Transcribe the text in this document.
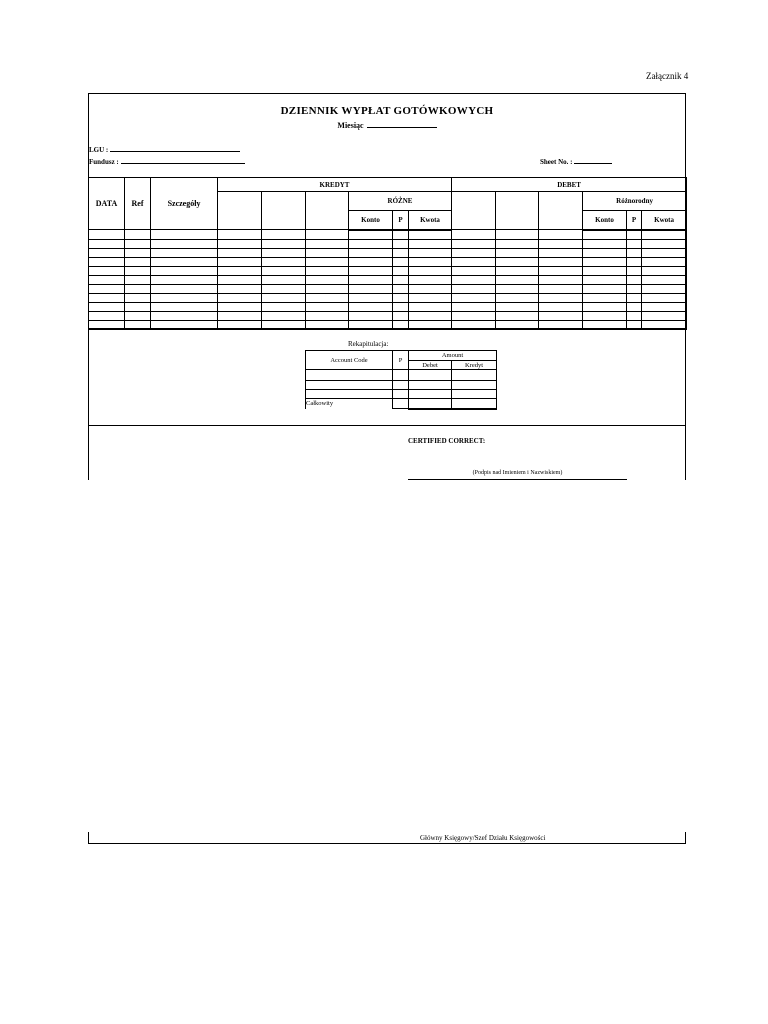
Załącznik 4
DZIENNIK WYPŁAT GOTÓWKOWYCH
Miesiąc
LGU :
Fundusz :	Sheet No. :
DATA	Ref	Szczegóły	KREDYT						DEBET					
						RÓŻNE						Różnorodny		
						Konto	P	Kwota				Konto	P	Kwota

Rekapitulacja:
Account Code	P	Amount	
		Debet	Kredyt

Całkowity			
CERTIFIED CORRECT:
(Podpis nad Imieniem i Nazwiskiem)
Główny Księgowy/Szef Działu Księgowości
